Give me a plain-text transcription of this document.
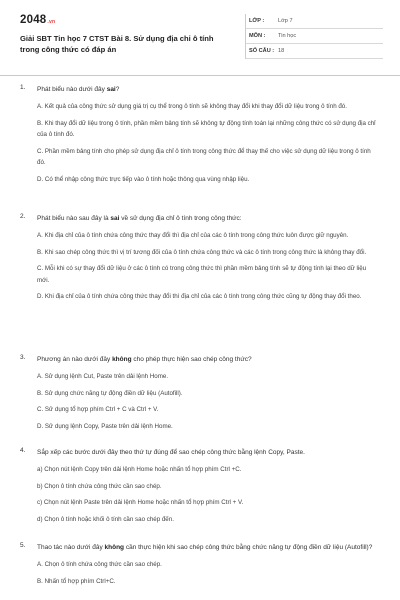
2048.vn
Giải SBT Tin học 7 CTST Bài 8. Sử dụng địa chỉ ô tính trong công thức có đáp án
LỚP : Lớp 7
MÔN : Tin học
SỐ CÂU : 18
1. Phát biểu nào dưới đây sai?
A. Kết quả của công thức sử dụng giá trị cụ thể trong ô tính sẽ không thay đổi khi thay đổi dữ liệu trong ô tính đó.
B. Khi thay đổi dữ liệu trong ô tính, phần mềm bảng tính sẽ không tự động tính toán lại những công thức có sử dụng địa chỉ của ô tính đó.
C. Phần mềm bảng tính cho phép sử dụng địa chỉ ô tính trong công thức để thay thế cho việc sử dụng dữ liệu trong ô tính đó.
D. Có thể nhập công thức trực tiếp vào ô tính hoặc thông qua vùng nhập liệu.
2. Phát biểu nào sau đây là sai về sử dụng địa chỉ ô tính trong công thức:
A. Khi địa chỉ của ô tính chứa công thức thay đổi thì địa chỉ của các ô tính trong công thức luôn được giữ nguyên.
B. Khi sao chép công thức thì vị trí tương đối của ô tính chứa công thức và các ô tính trong công thức là không thay đổi.
C. Mỗi khi có sự thay đổi dữ liệu ở các ô tính có trong công thức thì phần mềm bảng tính sẽ tự động tính lại theo dữ liệu mới.
D. Khi địa chỉ của ô tính chứa công thức thay đổi thì địa chỉ của các ô tính trong công thức cũng tự động thay đổi theo.
3. Phương án nào dưới đây không cho phép thực hiện sao chép công thức?
A. Sử dụng lệnh Cut, Paste trên dải lệnh Home.
B. Sử dụng chức năng tự động điền dữ liệu (Autofill).
C. Sử dụng tổ hợp phím Ctrl + C và Ctrl + V.
D. Sử dụng lệnh Copy, Paste trên dải lệnh Home.
4. Sắp xếp các bước dưới đây theo thứ tự đúng để sao chép công thức bằng lệnh Copy, Paste.
a) Chọn nút lệnh Copy trên dải lệnh Home hoặc nhấn tổ hợp phím Ctrl +C.
b) Chọn ô tính chứa công thức cần sao chép.
c) Chọn nút lệnh Paste trên dải lệnh Home hoặc nhấn tổ hợp phím Ctrl + V.
d) Chọn ô tính hoặc khối ô tính cần sao chép đến.
5. Thao tác nào dưới đây không cần thực hiện khi sao chép công thức bằng chức năng tự động điền dữ liệu (Autofill)?
A. Chọn ô tính chứa công thức cần sao chép.
B. Nhấn tổ hợp phím Ctrl+C.
